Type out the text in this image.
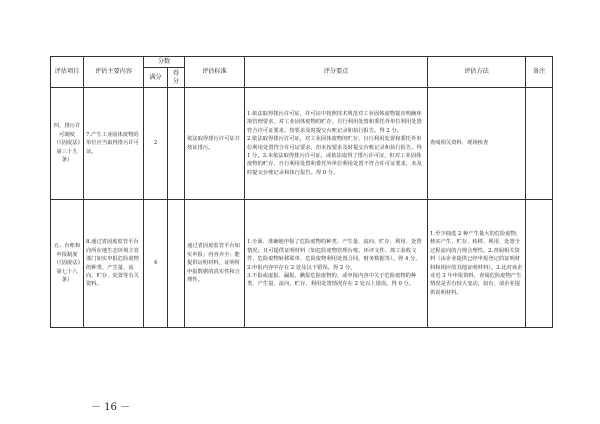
评估项目	评估主要内容	分数		评估标准	评分要点	评估方法	备注
		满分	得分				
四、排污许可制度（《固废法》第三十九条）	7.产生工业固体废物的单位应当取得排污许可证。	2		依法取得排污许可证并按证排污。	1.依法取得排污许可证，许可证中按照技术规范对工业固体废物提出明确环境管理要求，对工业固体废物的贮存、自行利用处置和委托外单位利用处置符合许可证要求，按要求及时提交台账记录和执行报告。得 2 分。
2.依法取得排污许可证，对工业固体废物的贮存、自行利用处置和委托外单位利用处置符合许可证要求，但未按要求及时提交台账记录和执行报告。得 1 分。3.未依法取得排污许可证，或依法取得了排污许可证，但对工业固体废物的贮存、自行利用处置和委托外单位利用处置不符合许可证要求，未及时提交台账记录和执行报告。得 0 分。	查阅相关资料、现场核查	
五、台账和申报制度（《固废法》第七十八条）	8.通过省固废监管平台向所在地生态环境主管部门如实申报危险废物的种类、产生量、流向、贮存、处置等有关资料。	4		通过省固废监管平台如实申报；内容齐全；能提供证明材料，证明所申报数据的真实性和合理性。	1.全面、准确地申报了危险废物的种类、产生量、流向、贮存、利用、处置情况；且可提供证明材料（如危险废物管理台账、环评文件、竣工验收文件、危险废物转移联单、危险废物利用处置合同、财务数据等）。得 4 分。
2.申报内容中存在 2 处及以下错误。得 2 分。
3.不报或虚报、漏报、瞒报危险废物的，或申报内容中关于危险废物的种类、产生量、流向、贮存、利用处置情况存在 2 处以上错误。得 0 分。	1.至少抽选 2 种产生量大的危险废物，核实产生、贮存、转移、利用、处置全过程流向的合规合理性。2.查阅相关资料（由企业提供已经申报登记的证明材料和相应的其他证明材料）。3.比对该企业近 3 年申报资料，查阅危险废物产生情况是否有较大变动，如有，请企业提供说明材料。	
－ 16 －
